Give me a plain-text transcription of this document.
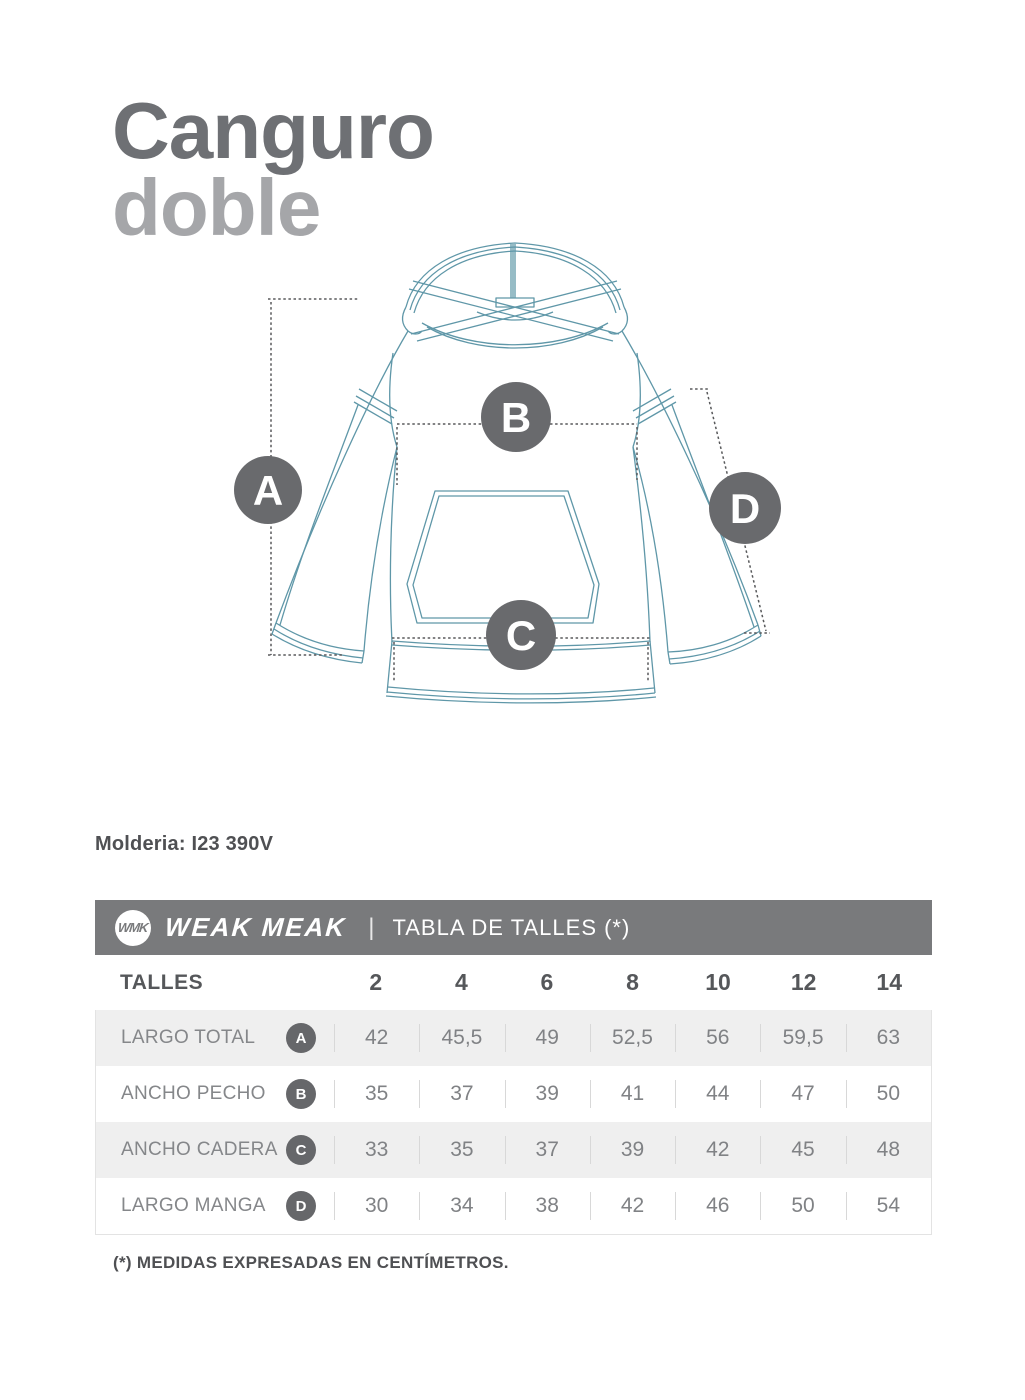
Canguro
doble
A
B
C
D
Molderia: I23 390V
WMK WEAK MEAK | TABLA DE TALLES (*)
TALLES	2	4	6	8	10	12	14
LARGO TOTAL	A	42	45,5	49	52,5	56	59,5	63
ANCHO PECHO	B	35	37	39	41	44	47	50
ANCHO CADERA	C	33	35	37	39	42	45	48
LARGO MANGA	D	30	34	38	42	46	50	54
(*) MEDIDAS EXPRESADAS EN CENTÍMETROS.
